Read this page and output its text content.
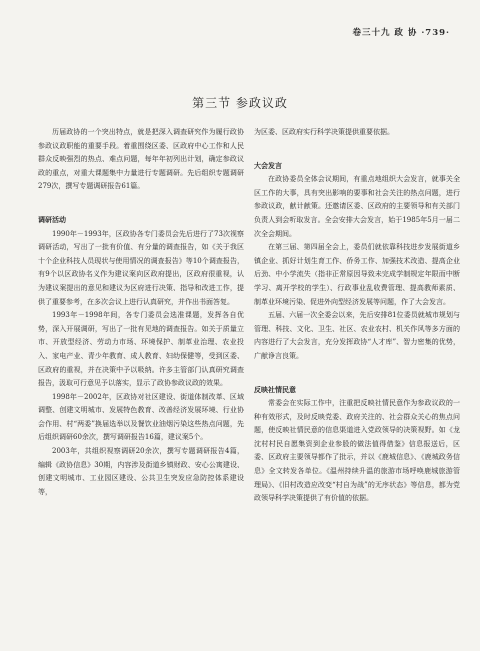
卷三十九 政 协 ·739·
第三节 参政议政

历届政协的一个突出特点，就是把深入调查研究作为履行政协参政议政职能的重要手段。着重围绕区委、区政府中心工作和人民群众反映强烈的热点、难点问题，每年年初列出计划，确定参政议政的重点，对重大课题集中力量进行专题调研。先后组织专题调研279次，撰写专题调研报告61篇。

调研活动

1990年－1993年，区政协各专门委员会先后进行了73次视察调研活动，写出了一批有价值、有分量的调查报告，如《关于我区十个企业科技人员现状与使用情况的调查报告》等10个调查报告，有9个以区政协名义作为建议案向区政府提出，区政府很重视，认为建议案提出的意见和建议为区府进行决策、指导和改进工作，提供了重要参考，在多次会议上进行认真研究，并作出书面答复。

1993年－1998年间，各专门委员会选准课题，发挥各自优势，深入开展调研，写出了一批有见地的调查报告。如关于质量立市、开放型经济、劳动力市场、环境保护、制革业治理、农业投入、家电产业、青少年教育、成人教育、妇幼保健等，受到区委、区政府的重视，并在决策中予以吸纳。许多主管部门认真研究调查报告，汲取可行意见予以落实，显示了政协参政议政的效果。

1998年－2002年，区政协对社区建设、街道体制改革、区域调整、创建文明城市、发展特色教育、改善经济发展环境、行业协会作用、村“两委”换届选举以及餐饮业油烟污染这些热点问题，先后组织调研60余次，撰写调研报告16篇，建议案5个。

2003年，共组织视察调研20余次，撰写专题调研报告4篇，编辑《政协信息》30期，内容涉及街道乡镇财政、安心公寓建设、创建文明城市、工业园区建设、公共卫生突发应急防控体系建设等，

为区委、区政府实行科学决策提供重要依据。

大会发言

在政协委员全体会议期间，有重点地组织大会发言，就事关全区工作的大事，具有突出影响的要事和社会关注的热点问题，进行参政议政，献计献策。还邀请区委、区政府的主要领导和有关部门负责人到会听取发言。全会安排大会发言，始于1985年5月一届二次全会期间。

在第三届、第四届全会上，委员们就依靠科技进步发展街道乡镇企业、抓好计划生育工作、侨务工作、加强技术改造、提高企业后劲、中小学流失（指非正常原因导致未完成学制规定年限而中断学习、离开学校的学生）、行政事业乱收费管理、提高教师素质、制革业环境污染、促进外向型经济发展等问题，作了大会发言。

五届、六届一次全委会以来，先后安排81位委员就城市规划与管理、科技、文化、卫生、社区、农业农村、机关作风等多方面的内容进行了大会发言，充分发挥政协“人才库”、智力密集的优势，广献诤言良策。

反映社情民意

常委会在实际工作中，注重把反映社情民意作为参政议政的一种有效形式，及时反映党委、政府关注的、社会群众关心的焦点问题，使反映社情民意的信息渠道进入党政领导的决策视野。如《龙沈村村民自愿集资到企业参股的做法值得借鉴》信息报送后，区委、区政府主要领导都作了批示，并以《鹿城信息》、《鹿城政务信息》全文转发各单位。《温州持续升温的旅游市场呼唤鹿城旅游管理局》、《旧村改造应改变“村自为战”的无序状态》等信息，都为党政领导科学决策提供了有价值的依据。
